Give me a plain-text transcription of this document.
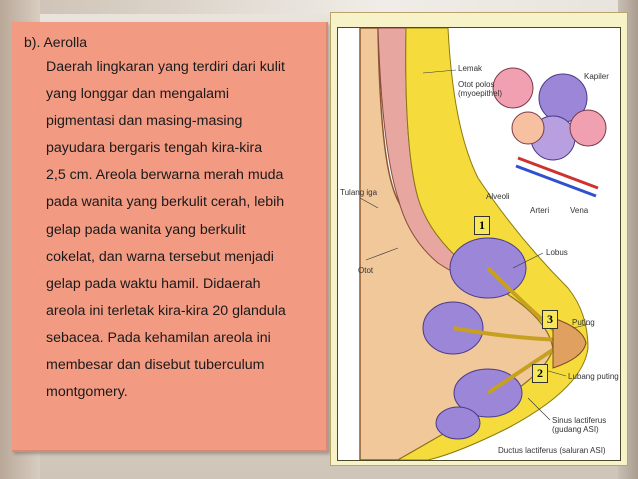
b). Aerolla
Daerah lingkaran yang terdiri dari kulit
yang longgar dan mengalami
pigmentasi dan masing-masing
payudara bergaris tengah kira-kira
2,5 cm. Areola berwarna merah muda
pada wanita yang berkulit cerah, lebih
gelap pada wanita yang berkulit
cokelat, dan warna tersebut menjadi
gelap pada waktu hamil. Didaerah
areola ini terletak kira-kira 20 glandula
sebacea. Pada kehamilan areola ini
membesar dan disebut tuberculum
montgomery.
Lemak
Otot polos
(myoepithel)
Kapiler
Tulang iga	Alveoli
Arteri	Vena
Otot
Lobus
Puting
Lubang puting
Sinus lactiferus
(gudang ASI)
Ductus lactiferus (saluran ASI)
1
3
2
